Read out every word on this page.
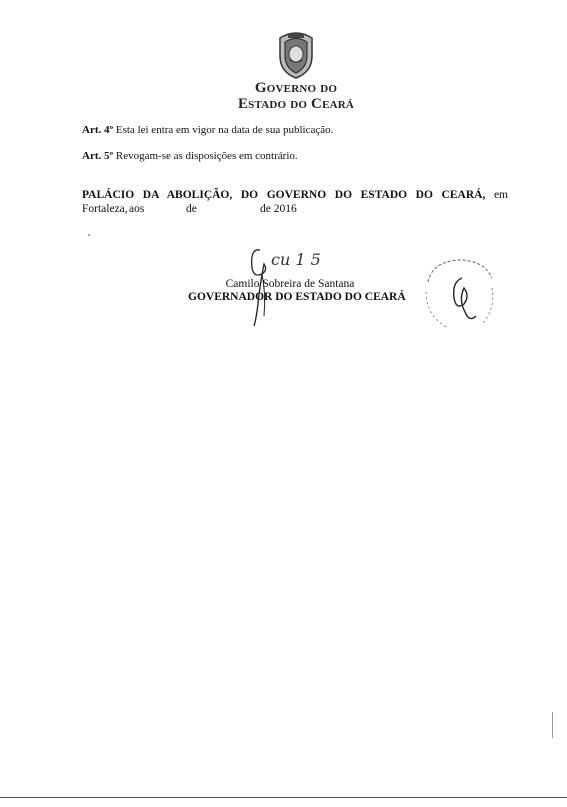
Governo do
Estado do Ceará
Art. 4º Esta lei entra em vigor na data de sua publicação.
Art. 5º Revogam-se as disposições em contrário.
PALÁCIO DA ABOLIÇÃO, DO GOVERNO DO ESTADO DO CEARÁ, em
Fortaleza, aos	de	de 2016
cu 1 5
Camilo Sobreira de Santana
GOVERNADOR DO ESTADO DO CEARÁ
